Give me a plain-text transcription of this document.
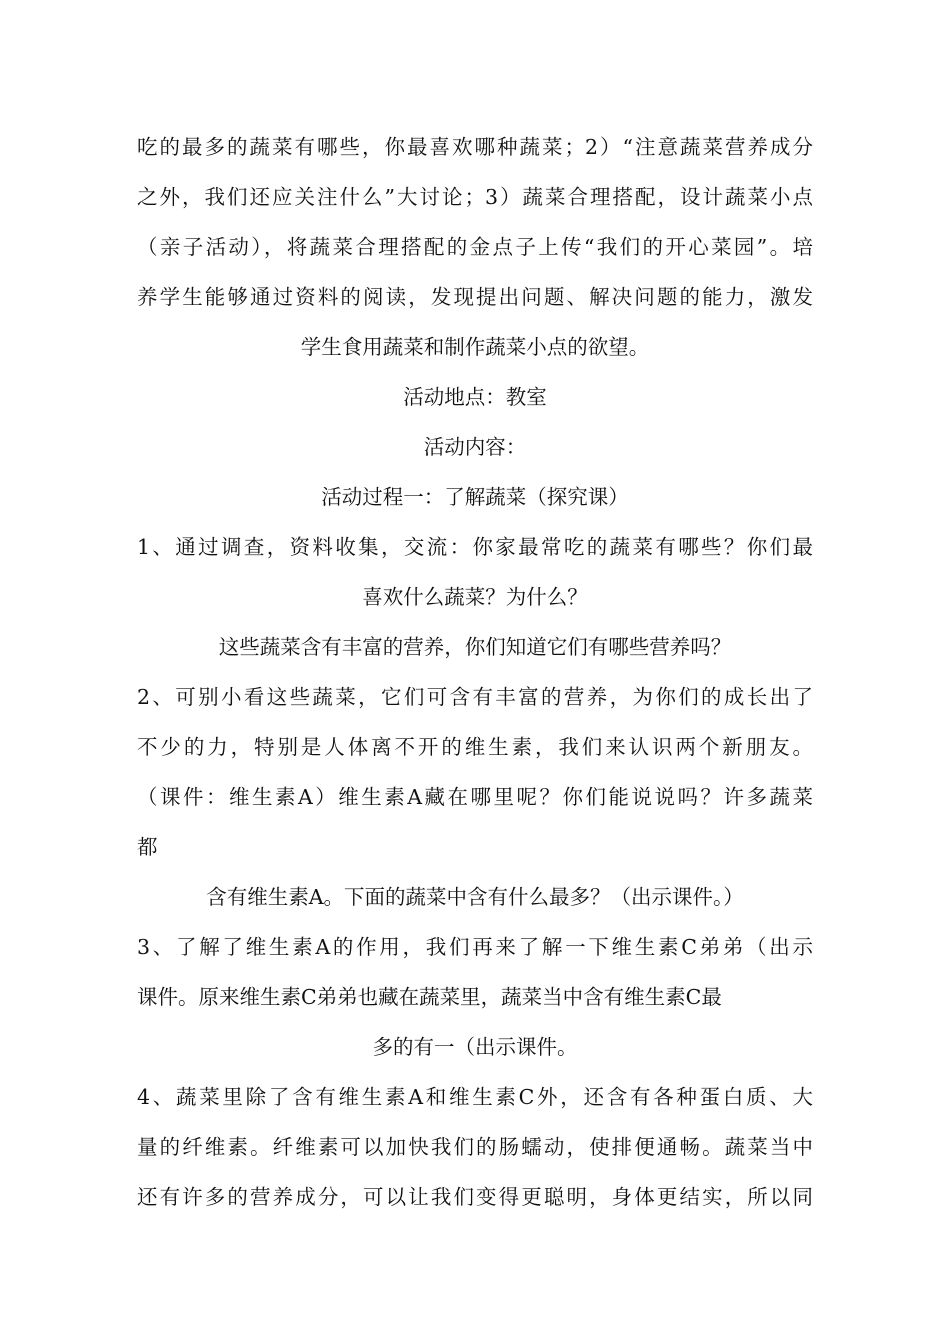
吃的最多的蔬菜有哪些，你最喜欢哪种蔬菜；2）“注意蔬菜营养成分
之外，我们还应关注什么”大讨论；3）蔬菜合理搭配，设计蔬菜小点
（亲子活动），将蔬菜合理搭配的金点子上传“我们的开心菜园”。培
养学生能够通过资料的阅读，发现提出问题、解决问题的能力，激发
学生食用蔬菜和制作蔬菜小点的欲望。
活动地点：教室
活动内容：
活动过程一：了解蔬菜（探究课）
1、通过调查，资料收集，交流：你家最常吃的蔬菜有哪些？你们最
喜欢什么蔬菜？为什么？
这些蔬菜含有丰富的营养，你们知道它们有哪些营养吗？
2、可别小看这些蔬菜，它们可含有丰富的营养，为你们的成长出了
不少的力，特别是人体离不开的维生素，我们来认识两个新朋友。
（课件：维生素A）维生素A藏在哪里呢？你们能说说吗？许多蔬菜
都
含有维生素A。下面的蔬菜中含有什么最多？（出示课件。）
3、了解了维生素A的作用，我们再来了解一下维生素C弟弟（出示
课件。原来维生素C弟弟也藏在蔬菜里，蔬菜当中含有维生素C最
多的有一（出示课件。
4、蔬菜里除了含有维生素A和维生素C外，还含有各种蛋白质、大
量的纤维素。纤维素可以加快我们的肠蠕动，使排便通畅。蔬菜当中
还有许多的营养成分，可以让我们变得更聪明，身体更结实，所以同
